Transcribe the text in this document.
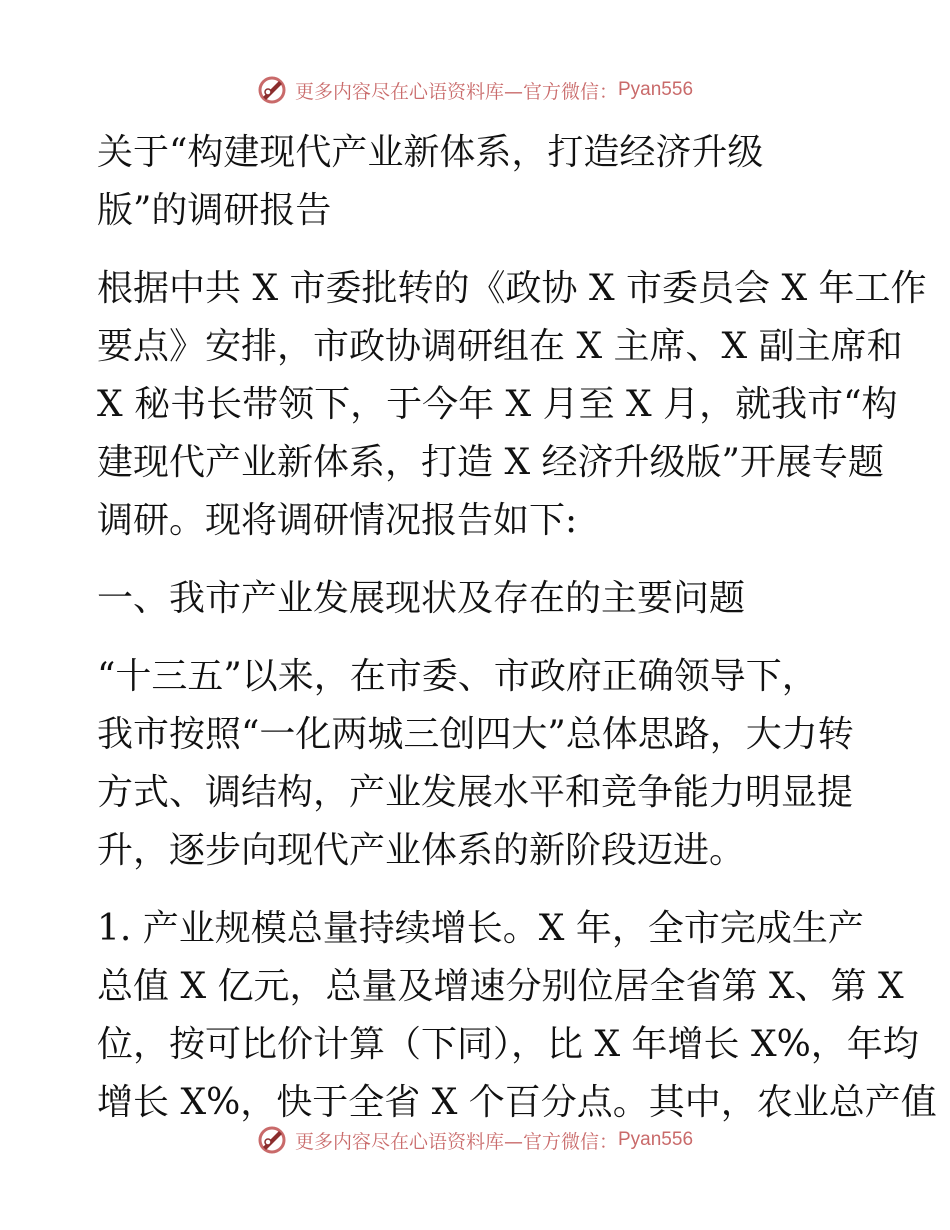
更多内容尽在心语资料库—官方微信： Pyan556
关于“构建现代产业新体系，打造经济升级
版”的调研报告
根据中共 X 市委批转的《政协 X 市委员会 X 年工作
要点》安排，市政协调研组在 X 主席、X 副主席和
X 秘书长带领下，于今年 X 月至 X 月，就我市“构
建现代产业新体系，打造 X 经济升级版”开展专题
调研。现将调研情况报告如下:
一、我市产业发展现状及存在的主要问题
“十三五”以来，在市委、市政府正确领导下，
我市按照“一化两城三创四大”总体思路，大力转
方式、调结构，产业发展水平和竞争能力明显提
升，逐步向现代产业体系的新阶段迈进。
1. 产业规模总量持续增长。X 年，全市完成生产
总值 X 亿元，总量及增速分别位居全省第 X、第 X
位，按可比价计算（下同），比 X 年增长 X%，年均
增长 X%，快于全省 X 个百分点。其中，农业总产值
更多内容尽在心语资料库—官方微信： Pyan556
